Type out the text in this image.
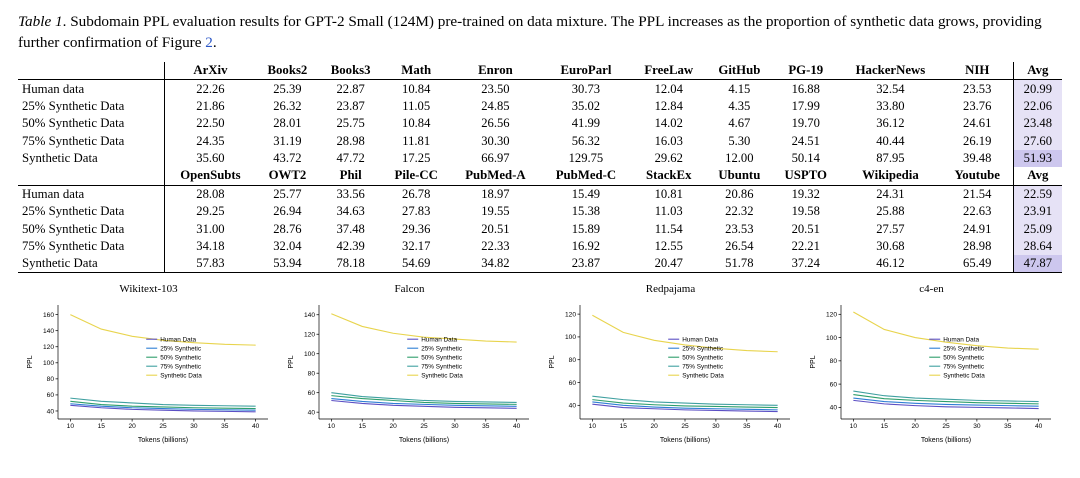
Table 1. Subdomain PPL evaluation results for GPT-2 Small (124M) pre-trained on data mixture. The PPL increases as the proportion of synthetic data grows, providing further confirmation of Figure 2.

	ArXiv	Books2	Books3	Math	Enron	EuroParl	FreeLaw	GitHub	PG-19	HackerNews	NIH	Avg
Human data	22.26	25.39	22.87	10.84	23.50	30.73	12.04	4.15	16.88	32.54	23.53	20.99
25% Synthetic Data	21.86	26.32	23.87	11.05	24.85	35.02	12.84	4.35	17.99	33.80	23.76	22.06
50% Synthetic Data	22.50	28.01	25.75	10.84	26.56	41.99	14.02	4.67	19.70	36.12	24.61	23.48
75% Synthetic Data	24.35	31.19	28.98	11.81	30.30	56.32	16.03	5.30	24.51	40.44	26.19	27.60
Synthetic Data	35.60	43.72	47.72	17.25	66.97	129.75	29.62	12.00	50.14	87.95	39.48	51.93
	OpenSubts	OWT2	Phil	Pile-CC	PubMed-A	PubMed-C	StackEx	Ubuntu	USPTO	Wikipedia	Youtube	Avg
Human data	28.08	25.77	33.56	26.78	18.97	15.49	10.81	20.86	19.32	24.31	21.54	22.59
25% Synthetic Data	29.25	26.94	34.63	27.83	19.55	15.38	11.03	22.32	19.58	25.88	22.63	23.91
50% Synthetic Data	31.00	28.76	37.48	29.36	20.51	15.89	11.54	23.53	20.51	27.57	24.91	25.09
75% Synthetic Data	34.18	32.04	42.39	32.17	22.33	16.92	12.55	26.54	22.21	30.68	28.98	28.64
Synthetic Data	57.83	53.94	78.18	54.69	34.82	23.87	20.47	51.78	37.24	46.12	65.49	47.87

Wikitext-103
40
60
80
100
120
140
160
10	15	20	25	30	35	40
Tokens (billions)
PPL
Human Data
25% Synthetic
50% Synthetic
75% Synthetic
Synthetic Data
Falcon
40
60
80
100
120
140
10	15	20	25	30	35	40
Tokens (billions)
PPL
Human Data
25% Synthetic
50% Synthetic
75% Synthetic
Synthetic Data
Redpajama
40
60
80
100
120
10	15	20	25	30	35	40
Tokens (billions)
PPL
Human Data
25% Synthetic
50% Synthetic
75% Synthetic
Synthetic Data
c4-en
40
60
80
100
120
10	15	20	25	30	35	40
Tokens (billions)
PPL
Human Data
25% Synthetic
50% Synthetic
75% Synthetic
Synthetic Data
